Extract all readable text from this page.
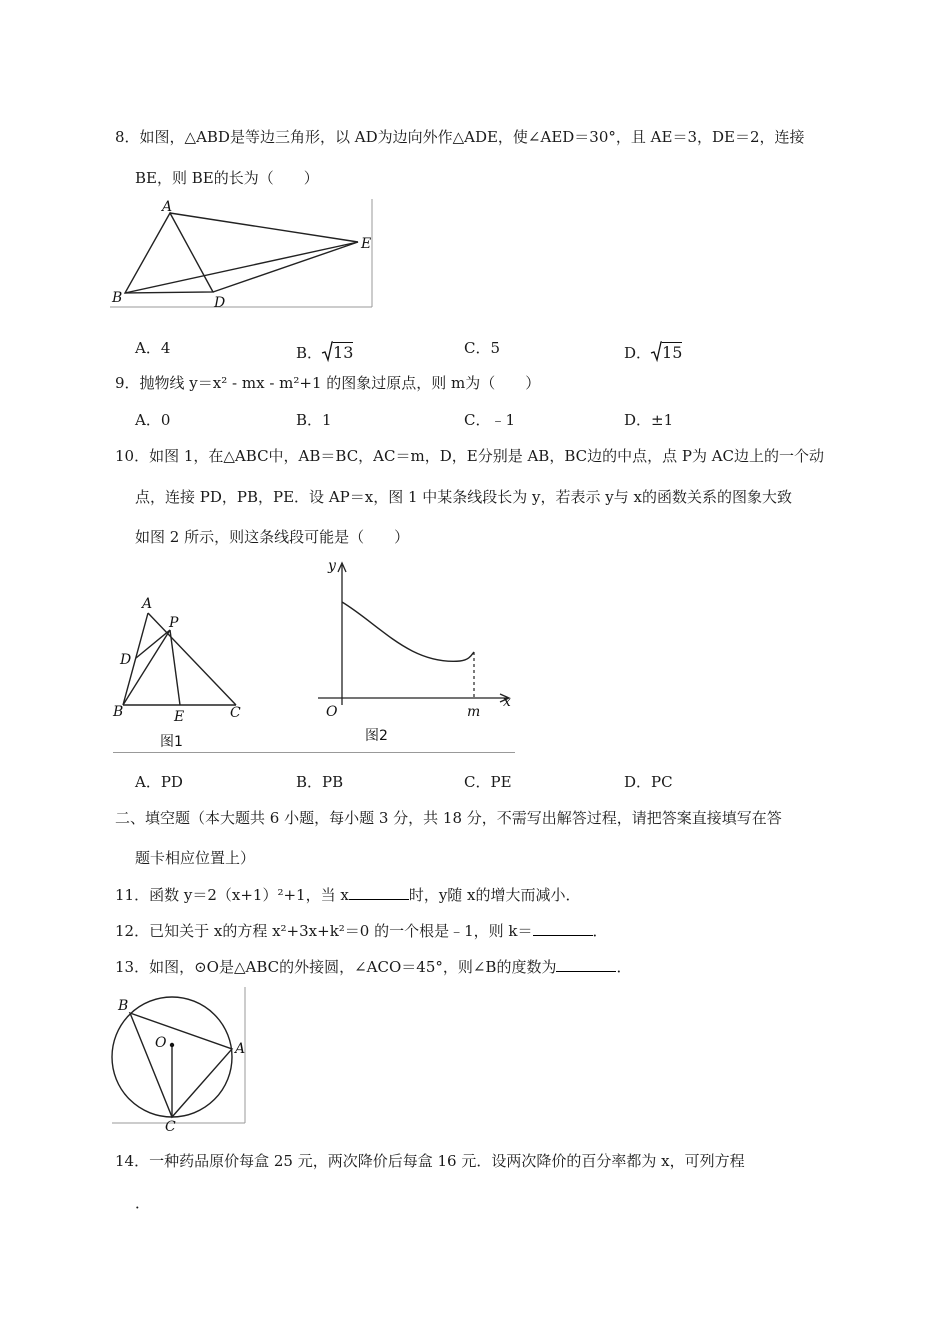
8．如图，△ABD是等边三角形，以 AD为边向外作△ADE，使∠AED＝30°，且 AE＝3，DE＝2，连接
BE，则 BE的长为（　　）
A
B	D
E
A．4	B． 13	C．5	D． 15
9．抛物线 y＝x² - mx - m²+1 的图象过原点，则 m为（　　）
A．0	B．1	C．﹣1	D．±1
10．如图 1，在△ABC中，AB＝BC，AC＝m，D，E分别是 AB，BC边的中点，点 P为 AC边上的一个动
点，连接 PD，PB，PE．设 AP＝x，图 1 中某条线段长为 y，若表示 y与 x的函数关系的图象大致
如图 2 所示，则这条线段可能是（　　）
A
P
D
B	E	C
图1
y
x
O	m
图2
A．PD	B．PB	C．PE	D．PC
二、填空题（本大题共 6 小题，每小题 3 分，共 18 分，不需写出解答过程，请把答案直接填写在答
题卡相应位置上）
11．函数 y＝2（x+1）²+1，当 x	时，y随 x的增大而减小．
12．已知关于 x的方程 x²+3x+k²＝0 的一个根是﹣1，则 k＝	．
13．如图，⊙O是△ABC的外接圆，∠ACO＝45°，则∠B的度数为	．
B
O	A
C
14．一种药品原价每盒 25 元，两次降价后每盒 16 元．设两次降价的百分率都为 x，可列方程
．
